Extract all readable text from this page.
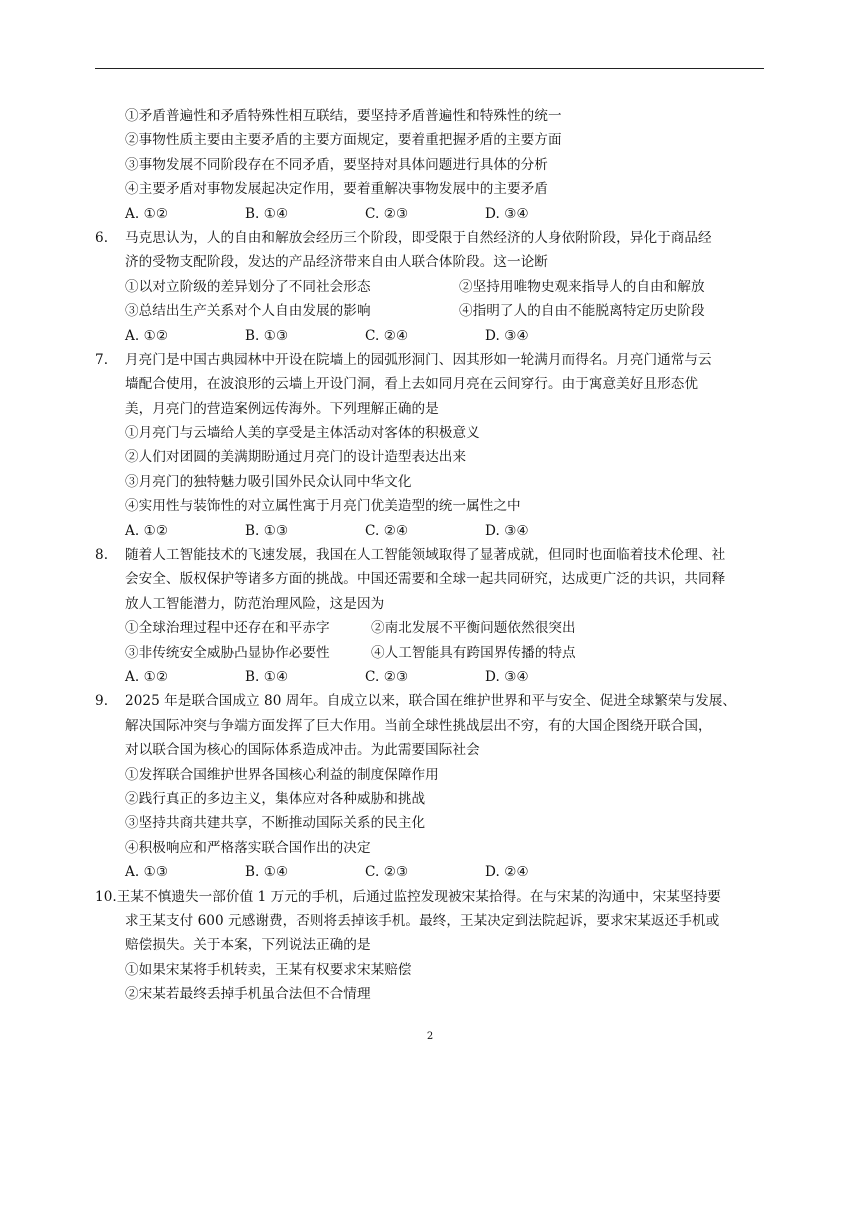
①矛盾普遍性和矛盾特殊性相互联结，要坚持矛盾普遍性和特殊性的统一
②事物性质主要由主要矛盾的主要方面规定，要着重把握矛盾的主要方面
③事物发展不同阶段存在不同矛盾，要坚持对具体问题进行具体的分析
④主要矛盾对事物发展起决定作用，要着重解决事物发展中的主要矛盾
A. ①②	B. ①④	C. ②③	D. ③④
6. 马克思认为，人的自由和解放会经历三个阶段，即受限于自然经济的人身依附阶段，异化于商品经
济的受物支配阶段，发达的产品经济带来自由人联合体阶段。这一论断
①以对立阶级的差异划分了不同社会形态	②坚持用唯物史观来指导人的自由和解放
③总结出生产关系对个人自由发展的影响	④指明了人的自由不能脱离特定历史阶段
A. ①②	B. ①③	C. ②④	D. ③④
7. 月亮门是中国古典园林中开设在院墙上的园弧形洞门、因其形如一轮满月而得名。月亮门通常与云
墙配合使用，在波浪形的云墙上开设门洞，看上去如同月亮在云间穿行。由于寓意美好且形态优
美，月亮门的营造案例远传海外。下列理解正确的是
①月亮门与云墙给人美的享受是主体活动对客体的积极意义
②人们对团圆的美满期盼通过月亮门的设计造型表达出来
③月亮门的独特魅力吸引国外民众认同中华文化
④实用性与装饰性的对立属性寓于月亮门优美造型的统一属性之中
A. ①②	B. ①③	C. ②④	D. ③④
8. 随着人工智能技术的飞速发展，我国在人工智能领域取得了显著成就，但同时也面临着技术伦理、社
会安全、版权保护等诸多方面的挑战。中国还需要和全球一起共同研究，达成更广泛的共识，共同释
放人工智能潜力，防范治理风险，这是因为
①全球治理过程中还存在和平赤字	②南北发展不平衡问题依然很突出
③非传统安全威胁凸显协作必要性	④人工智能具有跨国界传播的特点
A. ①②	B. ①④	C. ②③	D. ③④
9. 2025 年是联合国成立 80 周年。自成立以来，联合国在维护世界和平与安全、促进全球繁荣与发展、
解决国际冲突与争端方面发挥了巨大作用。当前全球性挑战层出不穷，有的大国企图绕开联合国，
对以联合国为核心的国际体系造成冲击。为此需要国际社会
①发挥联合国维护世界各国核心利益的制度保障作用
②践行真正的多边主义，集体应对各种威胁和挑战
③坚持共商共建共享，不断推动国际关系的民主化
④积极响应和严格落实联合国作出的决定
A. ①③	B. ①④	C. ②③	D. ②④
10.王某不慎遗失一部价值 1 万元的手机，后通过监控发现被宋某拾得。在与宋某的沟通中，宋某坚持要
求王某支付 600 元感谢费，否则将丢掉该手机。最终，王某决定到法院起诉，要求宋某返还手机或
赔偿损失。关于本案，下列说法正确的是
①如果宋某将手机转卖，王某有权要求宋某赔偿
②宋某若最终丢掉手机虽合法但不合情理
2
